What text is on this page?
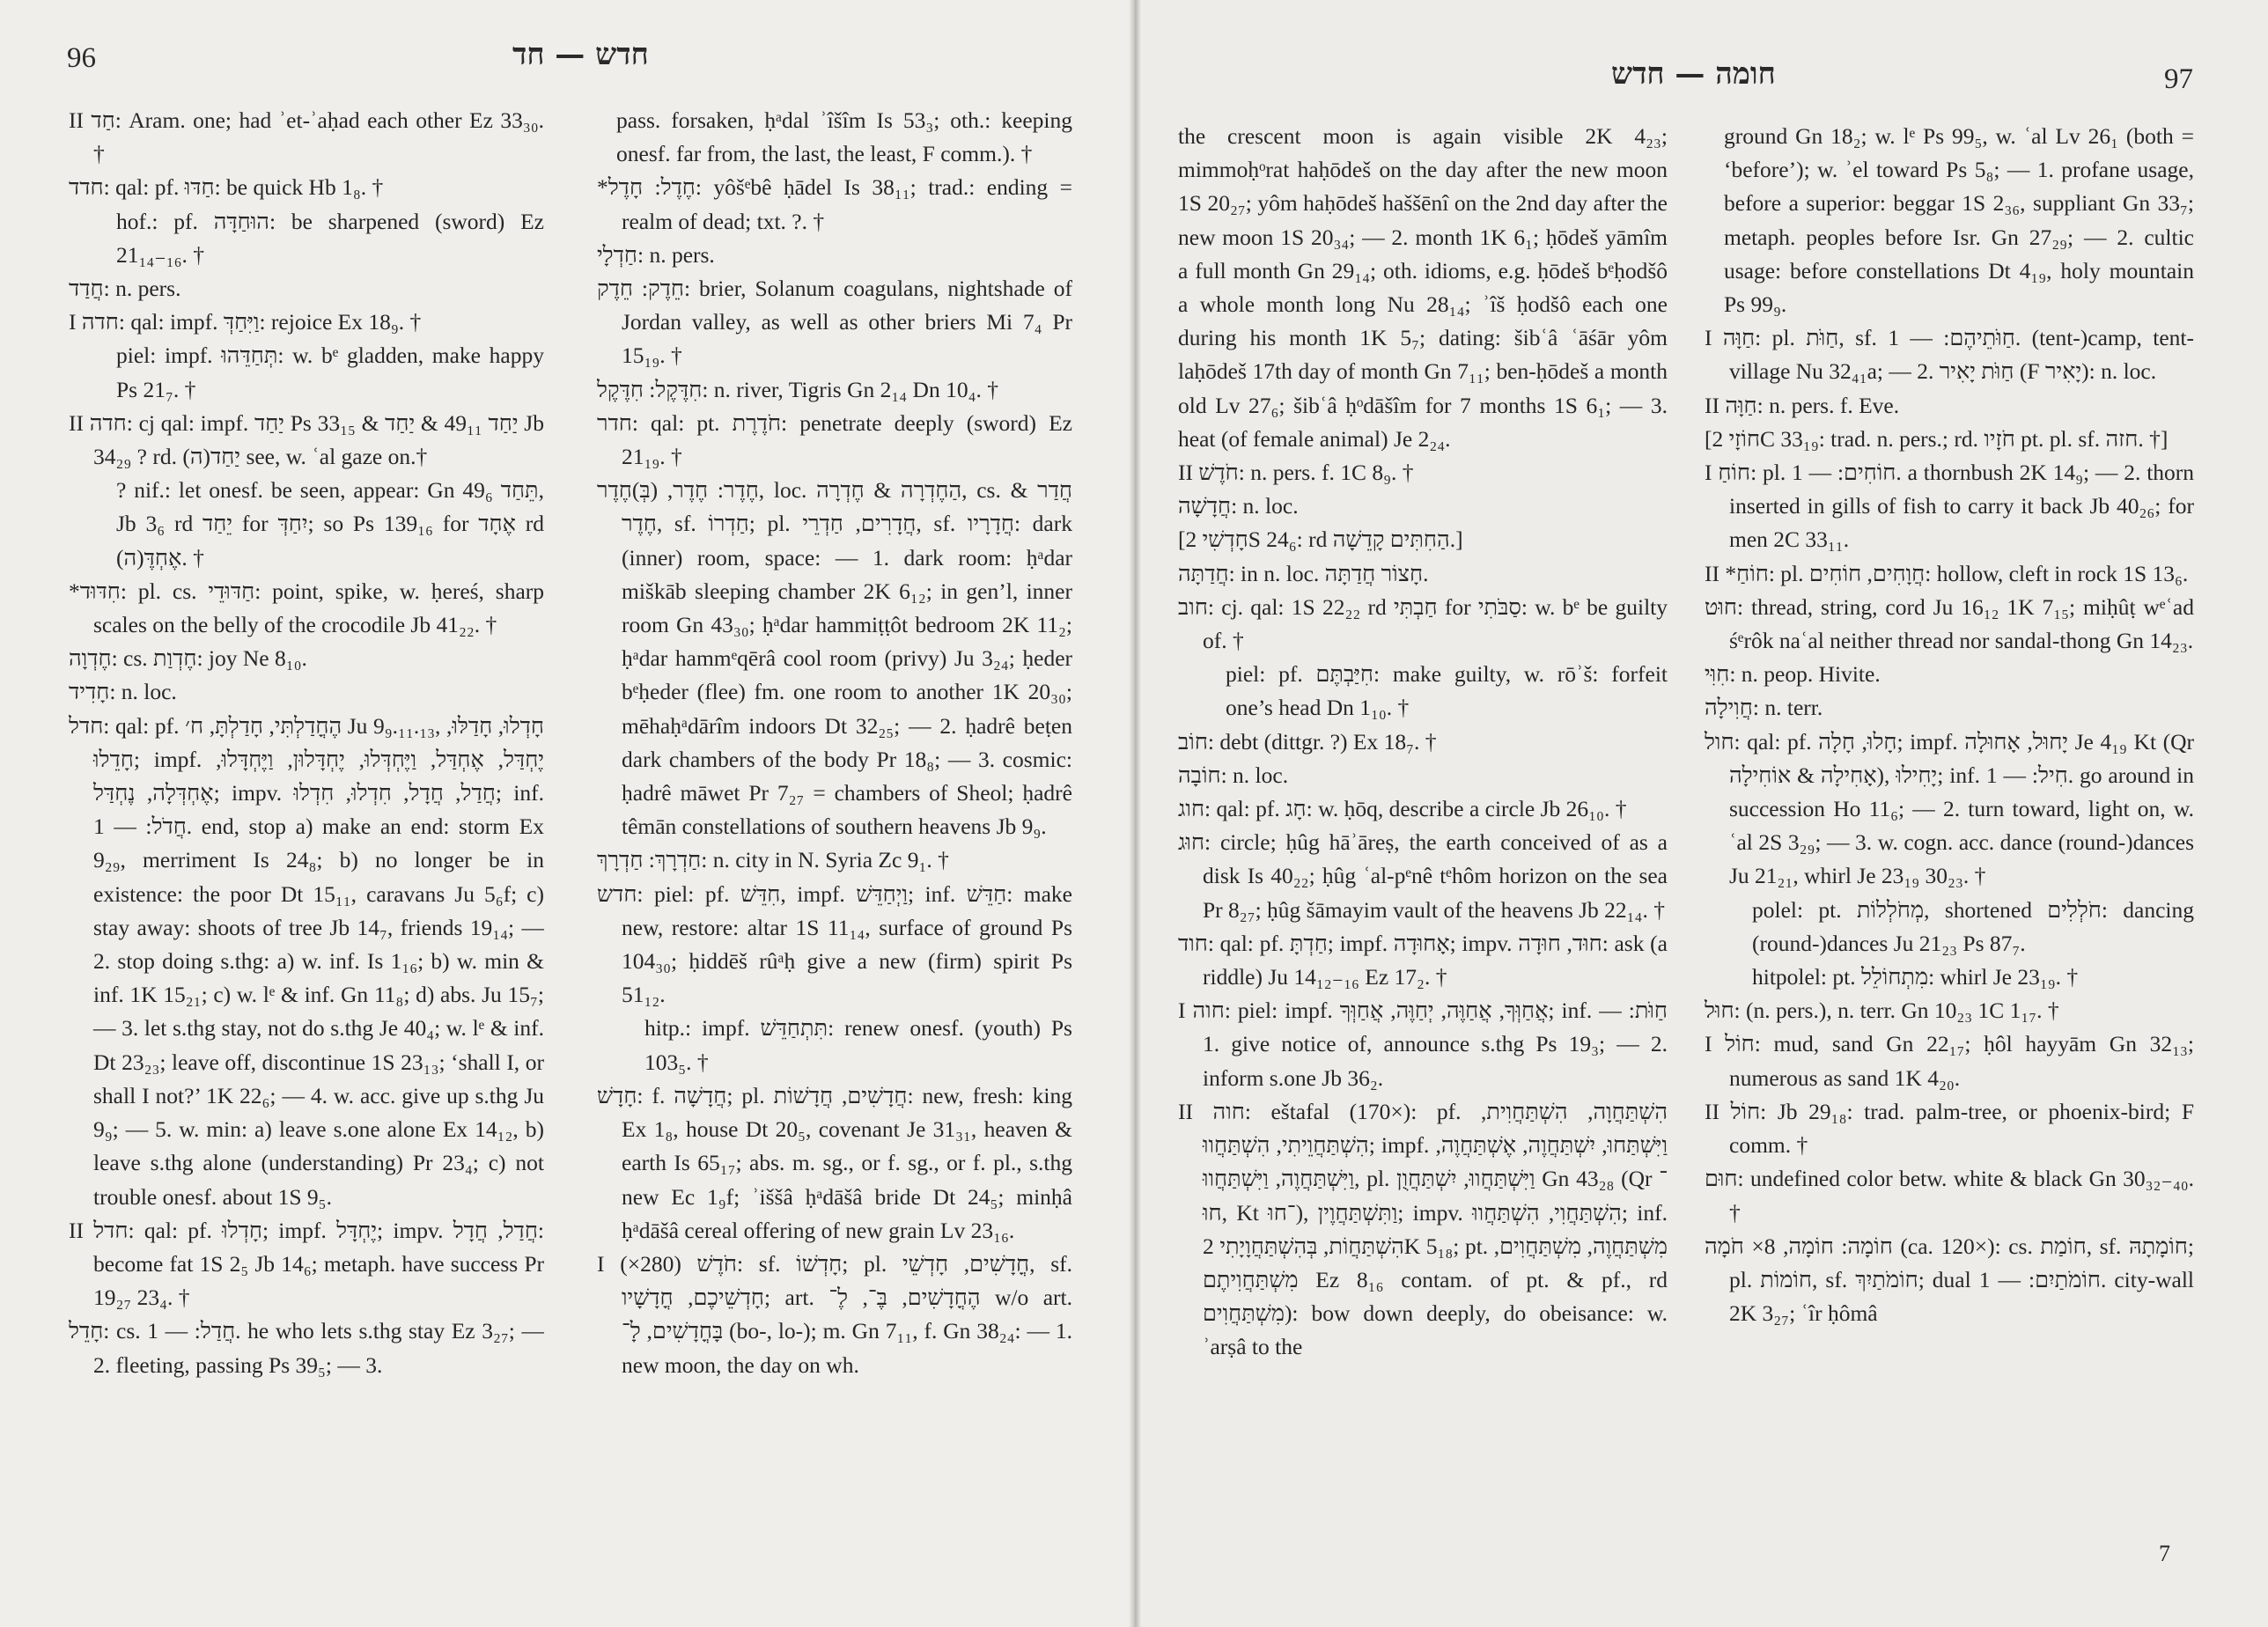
96	חדש — חד

II חַד: Aram. one; had ʾet-ʾaḥad each other Ez 33₃₀. †

חדד: qal: pf. חַדּוּ: be quick Hb 1₈. †

hof.: pf. הוּחַדָּה: be sharpened (sword) Ez 21₁₄₋₁₆. †

חֲדַד: n. pers.

I חדה: qal: impf. וַיִּחַדְּ: rejoice Ex 18₉. †

piel: impf. תְּחַדֵּהוּ: w. bᵉ gladden, make happy Ps 21₇. †

II חדה: cj qal: impf. יַחַד Ps 33₁₅ & יַחַד 49₁₁ & יַחַד Jb 34₂₉ ? rd. (ה)יַחַד see, w. ʿal gaze on.†

? nif.: let onesf. be seen, appear: Gn 49₆ תֵּחַד, Jb 3₆ rd יֵחַד for יִחַדְּ; so Ps 139₁₆ for אֶחָד rd אֶחְדֶּ(ה). †

*חִדּוּד: pl. cs. חַדּוּדֵי: point, spike, w. ḥereś, sharp scales on the belly of the crocodile Jb 41₂₂. †

חֶדְוָה: cs. חֶדְוַת: joy Ne 8₁₀.

חָדִיד: n. loc.

חדל: qal: pf. הֶחֳדַלְתִּי, חָדַלְתָּ, ח׳ Ju 9₉.₁₁.₁₃, חָדְלוּ, חָדַלּוּ, חָדֵלוּ; impf. יֶחְדַּל, אֶחְדַּל, וַיֶּחְדְּלוּ, יֶחְדָּלוּן, וַיֶּחְדָּלוּ, אֶחְדְּלָה, נֶחְדַּל; impv. חֲדַל, חֲדָל, חִדְלוּ, חִדְלוּ; inf. חֲדֹל: — 1. end, stop a) make an end: storm Ex 9₂₉, merriment Is 24₈; b) no longer be in existence: the poor Dt 15₁₁, caravans Ju 5₆f; c) stay away: shoots of tree Jb 14₇, friends 19₁₄; — 2. stop doing s.thg: a) w. inf. Is 1₁₆; b) w. min & inf. 1K 15₂₁; c) w. lᵉ & inf. Gn 11₈; d) abs. Ju 15₇; — 3. let s.thg stay, not do s.thg Je 40₄; w. lᵉ & inf. Dt 23₂₃; leave off, discontinue 1S 23₁₃; ‘shall I, or shall I not?’ 1K 22₆; — 4. w. acc. give up s.thg Ju 9₉; — 5. w. min: a) leave s.one alone Ex 14₁₂, b) leave s.thg alone (understanding) Pr 23₄; c) not trouble onesf. about 1S 9₅.

II חדל: qal: pf. חָדְלוּ; impf. יֶחְדָּל; impv. חֲדַל, חֲדָל: become fat 1S 2₅ Jb 14₆; metaph. have success Pr 19₂₇ 23₄. †

חָדֵל: cs. חֲדַל: — 1. he who lets s.thg stay Ez 3₂₇; — 2. fleeting, passing Ps 39₅; — 3.

pass. forsaken, ḥᵃdal ʾîšîm Is 53₃; oth.: keeping onesf. far from, the last, the least, F comm.). †

*חֶדֶל: חָדֶל: yôšᵉbê ḥādel Is 38₁₁; trad.: ending = realm of dead; txt. ?. †

חַדְלָי: n. pers.

חֵדֶק: חֵדֶק: brier, Solanum coagulans, nightshade of Jordan valley, as well as other briers Mi 7₄ Pr 15₁₉. †

חִדֶּקֶל: חִדֶּקֶל: n. river, Tigris Gn 2₁₄ Dn 10₄. †

חדר: qal: pt. חֹדֶרֶת: penetrate deeply (sword) Ez 21₁₉. †

חֶדֶר: חֶדֶר, (בְּ)חֶדֶר, loc. הַחֶדְרָה & חֶדְרָה, cs. חֲדַר & חֶדֶר, sf. חַדְרוֹ; pl. חֲדָרִים, חַדְרֵי, sf. חֲדָרָיו: dark (inner) room, space: — 1. dark room: ḥᵃdar miškāb sleeping chamber 2K 6₁₂; in gen’l, inner room Gn 43₃₀; ḥᵃdar hammiṭṭôt bedroom 2K 11₂; ḥᵃdar hammᵉqērâ cool room (privy) Ju 3₂₄; ḥeder bᵉḥeder (flee) fm. one room to another 1K 20₃₀; mēhaḥᵃdārîm indoors Dt 32₂₅; — 2. ḥadrê beṭen dark chambers of the body Pr 18₈; — 3. cosmic: ḥadrê māwet Pr 7₂₇ = chambers of Sheol; ḥadrê têmān constellations of southern heavens Jb 9₉.

חַדְרָךְ: חַדְרָךְ: n. city in N. Syria Zc 9₁. †

חדש: piel: pf. חִדֵּשׁ, impf. וַיְחַדֵּשׁ; inf. חַדֵּשׁ: make new, restore: altar 1S 11₁₄, surface of ground Ps 104₃₀; ḥiddēš rûᵃḥ give a new (firm) spirit Ps 51₁₂.

hitp.: impf. תִּתְחַדֵּשׁ: renew onesf. (youth) Ps 103₅. †

חָדָשׁ: f. חֲדָשָׁה; pl. חֲדָשִׁים, חֲדָשׁוֹת: new, fresh: king Ex 1₈, house Dt 20₅, covenant Je 31₃₁, heaven & earth Is 65₁₇; abs. m. sg., or f. sg., or f. pl., s.thg new Ec 1₉f; ʾiššâ ḥᵃdāšâ bride Dt 24₅; minḥâ ḥᵃdāšâ cereal offering of new grain Lv 23₁₆.

I חֹדֶשׁ (280×): sf. חָדְשׁוֹ; pl. חֳדָשִׁים, חָדְשֵׁי, sf. חָדְשֵׁיכֶם, חֳדָשָׁיו; art. הֶחֳדָשִׁים, בֶּ־, לֶ־ w/o art. בָּחֳדָשִׁים, לָ־ (bo-, lo-); m. Gn 7₁₁, f. Gn 38₂₄: — 1. new moon, the day on wh.

חומה — חדש	97

the crescent moon is again visible 2K 4₂₃; mimmoḥᵒrat haḥōdeš on the day after the new moon 1S 20₂₇; yôm haḥōdeš haššēnî on the 2nd day after the new moon 1S 20₃₄; — 2. month 1K 6₁; ḥōdeš yāmîm a full month Gn 29₁₄; oth. idioms, e.g. ḥōdeš bᵉḥodšô a whole month long Nu 28₁₄; ʾîš ḥodšô each one during his month 1K 5₇; dating: šibʿâ ʿāśār yôm laḥōdeš 17th day of month Gn 7₁₁; ben-ḥōdeš a month old Lv 27₆; šibʿâ ḥᵒdāšîm for 7 months 1S 6₁; — 3. heat (of female animal) Je 2₂₄.

II חֹדֶשׁ: n. pers. f. 1C 8₉. †

חֲדָשָׁה: n. loc.

[חָדְשִׁי 2S 24₆: rd הַחִתִּים קָדֵשָׁה.]

חֲדַתָּה: in n. loc. חָצוֹר חֲדַתָּה.

חוב: cj. qal: 1S 22₂₂ rd חַבְתִּי for סַבֹּתִי: w. bᵉ be guilty of. †

piel: pf. חִיַּבְתֶּם: make guilty, w. rōʾš: forfeit one’s head Dn 1₁₀. †

חוֹב: debt (dittgr. ?) Ex 18₇. †

חוֹבָה: n. loc.

חוג: qal: pf. חָג: w. ḥōq, describe a circle Jb 26₁₀. †

חוּג: circle; ḥûg hāʾāreṣ, the earth conceived of as a disk Is 40₂₂; ḥûg ʿal-pᵉnê tᵉhôm horizon on the sea Pr 8₂₇; ḥûg šāmayim vault of the heavens Jb 22₁₄. †

חוד: qal: pf. חַדְתָּ; impf. אָחוּדָה; impv. חוּד, חוּדָה: ask (a riddle) Ju 14₁₂₋₁₆ Ez 17₂. †

I חוה: piel: impf. אֲחַוְּךָ, אֲחַוֶּה, יְחַוֶּה, אֲחַוְּךָ; inf. חַוֹּת: — 1. give notice of, announce s.thg Ps 19₃; — 2. inform s.one Jb 36₂.

II חוה: eštafal (170×): pf. הִשְׁתַּחֲוָה, הִשְׁתַּחֲוִית, הִשְׁתַּחֲוֵיתִי, הִשְׁתַּחֲווּ; impf. וַיִּשְׁתַּחוּ, יִשְׁתַּחֲוֶה, אֶשְׁתַּחֲוֶה, וַיִּשְׁתַּחֲוֶה, וַיִּשְׁתַּחֲווּ, pl. וַיִּשְׁתַּחֲווּ, יִשְׁתַּחֲוֻן Gn 43₂₈ (Qr ־חוּ, Kt ־חוּ), וַתִּשְׁתַּחֲוֶין; impv. הִשְׁתַּחֲוִי, הִשְׁתַּחֲווּ; inf. הִשְׁתַּחֲוֹת, בְּהִשְׁתַּחֲוָיָתִי 2K 5₁₈; pt. מִשְׁתַּחֲוֶה, מִשְׁתַּחֲוִים, מִשְׁתַּחֲוִיתֶם Ez 8₁₆ contam. of pt. & pf., rd מִשְׁתַּחֲוִים): bow down deeply, do obeisance: w. ʾarṣâ to the

ground Gn 18₂; w. lᵉ Ps 99₅, w. ʿal Lv 26₁ (both = ‘before’); w. ʾel toward Ps 5₈; — 1. profane usage, before a superior: beggar 1S 2₃₆, suppliant Gn 33₇; metaph. peoples before Isr. Gn 27₂₉; — 2. cultic usage: before constellations Dt 4₁₉, holy mountain Ps 99₉.

I חַוָּה: pl. חַוֹּת, sf. חַוֹּתֵיהֶם: — 1. (tent-)camp, tent-village Nu 32₄₁a; — 2. חַוֹּת יָאִיר (F יָאִיר): n. loc.

II חַוָּה: n. pers. f. Eve.

[חוֹזָי 2C 33₁₉: trad. n. pers.; rd. חֹזָיו pt. pl. sf. חזה. †]

I חוֹחַ: pl. חוֹחִים: — 1. a thornbush 2K 14₉; — 2. thorn inserted in gills of fish to carry it back Jb 40₂₆; for men 2C 33₁₁.

II *חוֹחַ: pl. חֲוָחִים, חוֹחִים: hollow, cleft in rock 1S 13₆.

חוּט: thread, string, cord Ju 16₁₂ 1K 7₁₅; miḥûṭ wᵉʿad śᵉrôk naʿal neither thread nor sandal-thong Gn 14₂₃.

חִוִּי: n. peop. Hivite.

חֲוִילָה: n. terr.

חול: qal: pf. חָלוּ, חָלָה; impf. יָחוּל, אָחוּלָה Je 4₁₉ Kt (Qr אָחִילָה & אוֹחִילָה), יָחִילוּ; inf. חִיל: — 1. go around in succession Ho 11₆; — 2. turn toward, light on, w. ʿal 2S 3₂₉; — 3. w. cogn. acc. dance (round-)dances Ju 21₂₁, whirl Je 23₁₉ 30₂₃. †

polel: pt. מְחֹלְלוֹת, shortened חֹלְלִים: dancing (round-)dances Ju 21₂₃ Ps 87₇.

hitpolel: pt. מִתְחוֹלֵל: whirl Je 23₁₉. †

חוּל: (n. pers.), n. terr. Gn 10₂₃ 1C 1₁₇. †

I חוֹל: mud, sand Gn 22₁₇; ḥôl hayyām Gn 32₁₃; numerous as sand 1K 4₂₀.

II חוֹל: Jb 29₁₈: trad. palm-tree, or phoenix-bird; F comm. †

חוּם: undefined color betw. white & black Gn 30₃₂₋₄₀. †

חוֹמָה: חוֹמָה, 8× חֹמָה (ca. 120×): cs. חוֹמַת, sf. חוֹמָתָהּ; pl. חוֹמוֹת, sf. חוֹמֹתַיִךְ; dual חוֹמֹתַיִם: — 1. city-wall 2K 3₂₇; ʿîr ḥômâ

7
